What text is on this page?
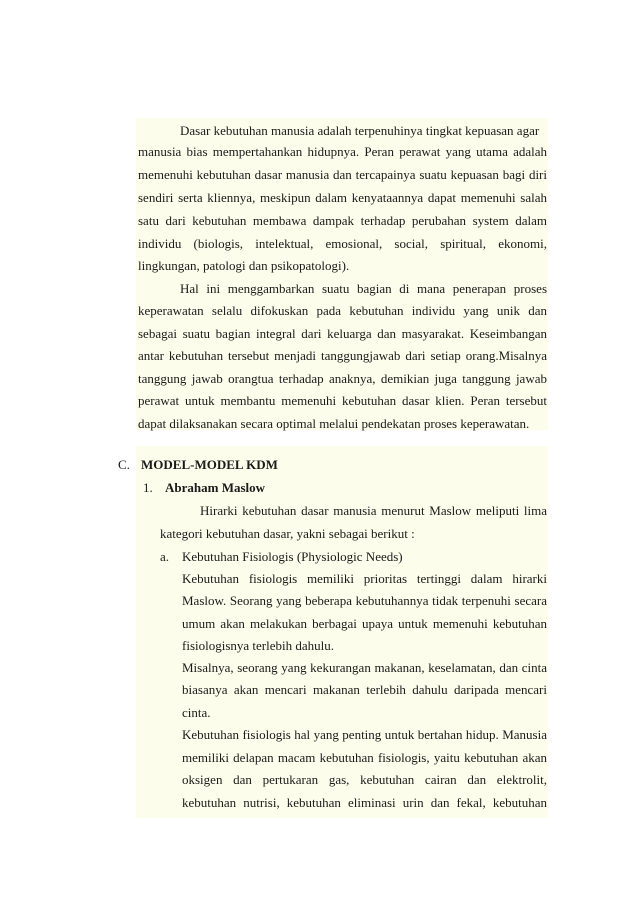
Dasar kebutuhan manusia adalah terpenuhinya tingkat kepuasan agar

manusia bias mempertahankan hidupnya. Peran perawat yang utama adalah

memenuhi kebutuhan dasar manusia dan tercapainya suatu kepuasan bagi diri

sendiri serta kliennya, meskipun dalam kenyataannya dapat memenuhi salah

satu dari kebutuhan membawa dampak terhadap perubahan system dalam

individu (biologis, intelektual, emosional, social, spiritual, ekonomi,

lingkungan, patologi dan psikopatologi).

Hal ini menggambarkan suatu bagian di mana penerapan proses

keperawatan selalu difokuskan pada kebutuhan individu yang unik dan

sebagai suatu bagian integral dari keluarga dan masyarakat. Keseimbangan

antar kebutuhan tersebut menjadi tanggungjawab dari setiap orang.Misalnya

tanggung jawab orangtua terhadap anaknya, demikian juga tanggung jawab

perawat untuk membantu memenuhi kebutuhan dasar klien. Peran tersebut

dapat dilaksanakan secara optimal melalui pendekatan proses keperawatan.

C. MODEL-MODEL KDM

1. Abraham Maslow

Hirarki kebutuhan dasar manusia menurut Maslow meliputi lima

kategori kebutuhan dasar, yakni sebagai berikut :

a. Kebutuhan Fisiologis (Physiologic Needs)

Kebutuhan fisiologis memiliki prioritas tertinggi dalam hirarki

Maslow. Seorang yang beberapa kebutuhannya tidak terpenuhi secara

umum akan melakukan berbagai upaya untuk memenuhi kebutuhan

fisiologisnya terlebih dahulu.

Misalnya, seorang yang kekurangan makanan, keselamatan, dan cinta

biasanya akan mencari makanan terlebih dahulu daripada mencari

cinta.

Kebutuhan fisiologis hal yang penting untuk bertahan hidup. Manusia

memiliki delapan macam kebutuhan fisiologis, yaitu kebutuhan akan

oksigen dan pertukaran gas, kebutuhan cairan dan elektrolit,

kebutuhan nutrisi, kebutuhan eliminasi urin dan fekal, kebutuhan
